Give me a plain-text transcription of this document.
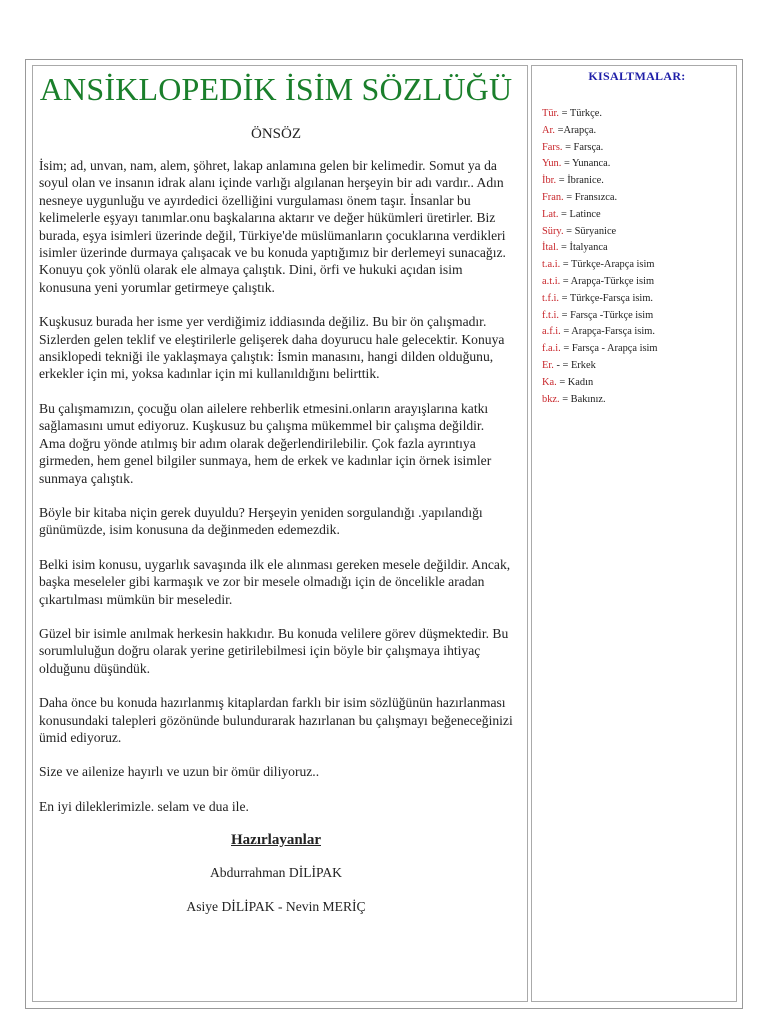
ANSİKLOPEDİK İSİM SÖZLÜĞÜ
ÖNSÖZ

İsim; ad, unvan, nam, alem, şöhret, lakap anlamına gelen bir kelimedir. Somut ya da soyul olan ve insanın idrak alanı içinde varlığı algılanan herşeyin bir adı vardır.. Adın nesneye uygunluğu ve ayırdedici özelliğini vurgulaması önem taşır. İnsanlar bu kelimelerle eşyayı tanımlar.onu başkalarına aktarır ve değer hükümleri üretirler. Biz burada, eşya isimleri üzerinde değil, Türkiye'de müslümanların çocuklarına verdikleri isimler üzerinde durmaya çalışacak ve bu konuda yaptığımız bir derlemeyi sunacağız. Konuyu çok yönlü olarak ele almaya çalıştık. Dini, örfi ve hukuki açıdan isim konusuna yeni yorumlar getirmeye çalıştık.

Kuşkusuz burada her isme yer verdiğimiz iddiasında değiliz. Bu bir ön çalışmadır. Sizlerden gelen teklif ve eleştirilerle gelişerek daha doyurucu hale gelecektir. Konuya ansiklopedi tekniği ile yaklaşmaya çalıştık: İsmin manasını, hangi dilden olduğunu, erkekler için mi, yoksa kadınlar için mi kullanıldığını belirttik.

Bu çalışmamızın, çocuğu olan ailelere rehberlik etmesini.onların arayışlarına katkı sağlamasını umut ediyoruz. Kuşkusuz bu çalışma mükemmel bir çalışma değildir. Ama doğru yönde atılmış bir adım olarak değerlendirilebilir. Çok fazla ayrıntıya girmeden, hem genel bilgiler sunmaya, hem de erkek ve kadınlar için örnek isimler sunmaya çalıştık.

Böyle bir kitaba niçin gerek duyuldu? Herşeyin yeniden sorgulandığı .yapılandığı günümüzde, isim konusuna da değinmeden edemezdik.

Belki isim konusu, uygarlık savaşında ilk ele alınması gereken mesele değildir. Ancak, başka meseleler gibi karmaşık ve zor bir mesele olmadığı için de öncelikle aradan çıkartılması mümkün bir meseledir.

Güzel bir isimle anılmak herkesin hakkıdır. Bu konuda velilere görev düşmektedir. Bu sorumluluğun doğru olarak yerine getirilebilmesi için böyle bir çalışmaya ihtiyaç olduğunu düşündük.

Daha önce bu konuda hazırlanmış kitaplardan farklı bir isim sözlüğünün hazırlanması konusundaki talepleri gözönünde bulundurarak hazırlanan bu çalışmayı beğeneceğinizi ümid ediyoruz.

Size ve ailenize hayırlı ve uzun bir ömür diliyoruz..

En iyi dileklerimizle. selam ve dua ile.

Hazırlayanlar
Abdurrahman DİLİPAK
Asiye DİLİPAK - Nevin MERİÇ
KISALTMALAR:
Tür. = Türkçe.
Ar. =Arapça.
Fars. = Farsça.
Yun. = Yunanca.
İbr. = İbranice.
Fran. = Fransızca.
Lat. = Latince
Süry. = Süryanice
İtal. = İtalyanca
t.a.i. = Türkçe-Arapça isim
a.t.i. = Arapça-Türkçe isim
t.f.i. = Türkçe-Farsça isim.
f.t.i. = Farsça -Türkçe isim
a.f.i. = Arapça-Farsça isim.
f.a.i. = Farsça - Arapça isim
Er. - = Erkek
Ka. = Kadın
bkz. = Bakınız.
